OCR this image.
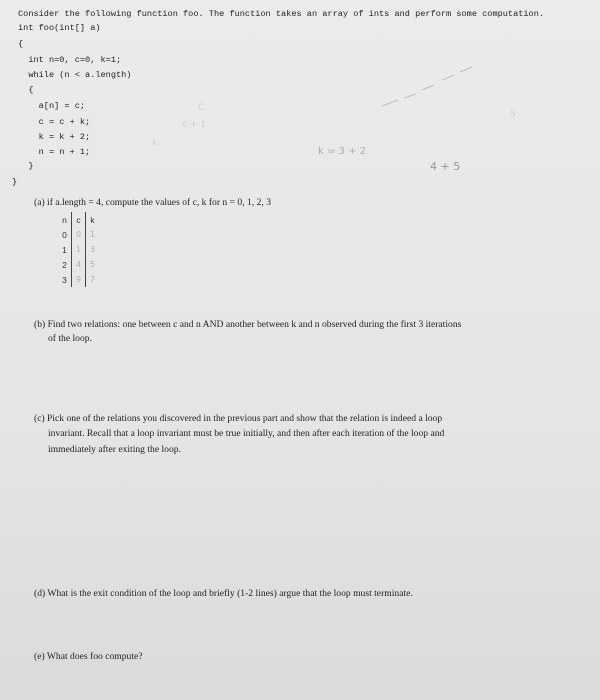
Consider the following function foo. The function takes an array of ints and perform some computation.
int foo(int[] a)
{
int n=0, c=0, k=1;
while (n < a.length)
{
a[n] = c;
c = c + k;
k = k + 2;
n = n + 1;
}
}
k = 3 + 2
4 + 5
5
C
c + 1
k
(a) if a.length = 4, compute the values of c, k for n = 0, 1, 2, 3
n	c	k
0	0	1
1	1	3
2	4	5
3	9	7
(b) Find two relations: one between c and n AND another between k and n observed during the first 3 iterations
of the loop.
(c) Pick one of the relations you discovered in the previous part and show that the relation is indeed a loop
invariant. Recall that a loop invariant must be true initially, and then after each iteration of the loop and
immediately after exiting the loop.
(d) What is the exit condition of the loop and briefly (1-2 lines) argue that the loop must terminate.
(e) What does foo compute?
